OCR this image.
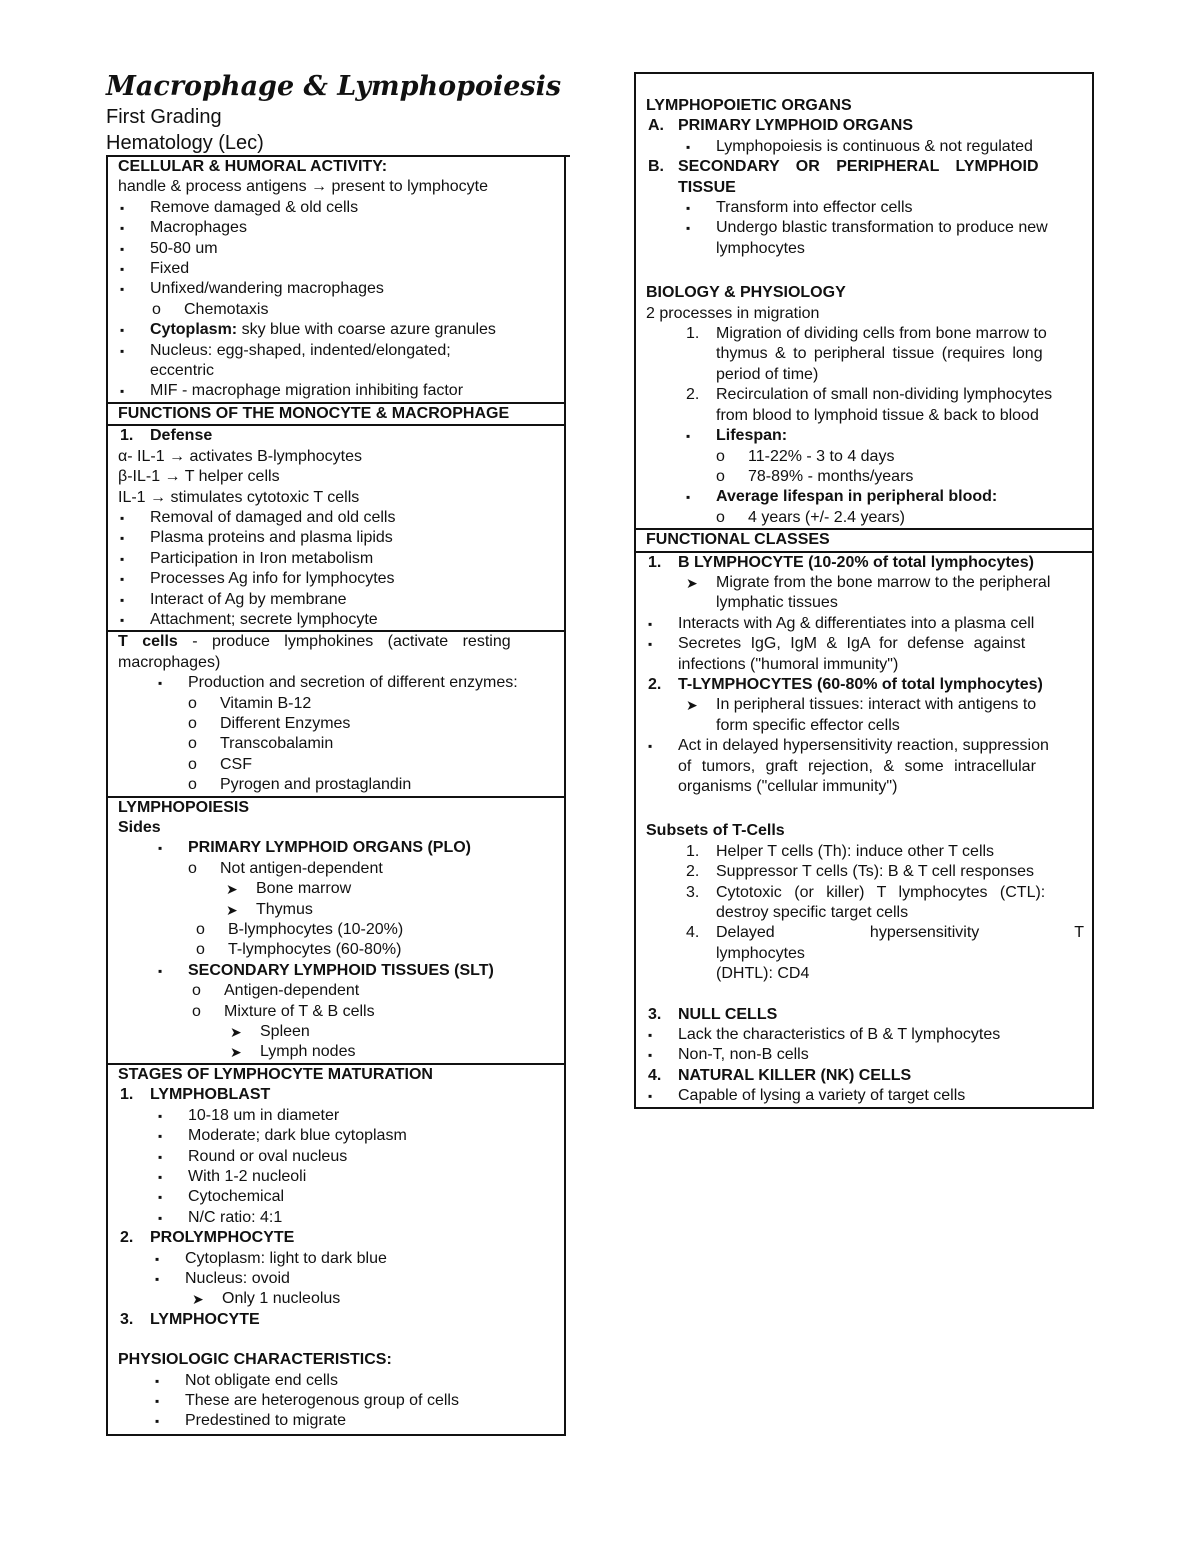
Macrophage & Lymphopoiesis
First Grading
Hematology (Lec)
CELLULAR & HUMORAL ACTIVITY:
handle & process antigens → present to lymphocyte
▪ Remove damaged & old cells
▪ Macrophages
▪ 50-80 um
▪ Fixed
▪ Unfixed/wandering macrophages
o Chemotaxis
▪ Cytoplasm: sky blue with coarse azure granules
▪ Nucleus: egg-shaped, indented/elongated;
eccentric
▪ MIF - macrophage migration inhibiting factor
FUNCTIONS OF THE MONOCYTE & MACROPHAGE
1. Defense
α- IL-1 → activates B-lymphocytes
β-IL-1 → T helper cells
IL-1 → stimulates cytotoxic T cells
▪ Removal of damaged and old cells
▪ Plasma proteins and plasma lipids
▪ Participation in Iron metabolism
▪ Processes Ag info for lymphocytes
▪ Interact of Ag by membrane
▪ Attachment; secrete lymphocyte
T cells - produce lymphokines (activate resting
macrophages)
▪ Production and secretion of different enzymes:
o Vitamin B-12
o Different Enzymes
o Transcobalamin
o CSF
o Pyrogen and prostaglandin
LYMPHOPOIESIS
Sides
▪ PRIMARY LYMPHOID ORGANS (PLO)
o Not antigen-dependent
➤ Bone marrow
➤ Thymus
o B-lymphocytes (10-20%)
o T-lymphocytes (60-80%)
▪ SECONDARY LYMPHOID TISSUES (SLT)
o Antigen-dependent
o Mixture of T & B cells
➤ Spleen
➤ Lymph nodes
STAGES OF LYMPHOCYTE MATURATION
1. LYMPHOBLAST
▪ 10-18 um in diameter
▪ Moderate; dark blue cytoplasm
▪ Round or oval nucleus
▪ With 1-2 nucleoli
▪ Cytochemical
▪ N/C ratio: 4:1
2. PROLYMPHOCYTE
▪ Cytoplasm: light to dark blue
▪ Nucleus: ovoid
➤ Only 1 nucleolus
3. LYMPHOCYTE
PHYSIOLOGIC CHARACTERISTICS:
▪ Not obligate end cells
▪ These are heterogenous group of cells
▪ Predestined to migrate
LYMPHOPOIETIC ORGANS
A. PRIMARY LYMPHOID ORGANS
▪ Lymphopoiesis is continuous & not regulated
B. SECONDARY OR PERIPHERAL LYMPHOID
TISSUE
▪ Transform into effector cells
▪ Undergo blastic transformation to produce new
lymphocytes
BIOLOGY & PHYSIOLOGY
2 processes in migration
1. Migration of dividing cells from bone marrow to
thymus & to peripheral tissue (requires long
period of time)
2. Recirculation of small non-dividing lymphocytes
from blood to lymphoid tissue & back to blood
▪ Lifespan:
o 11-22% - 3 to 4 days
o 78-89% - months/years
▪ Average lifespan in peripheral blood:
o 4 years (+/- 2.4 years)
FUNCTIONAL CLASSES
1. B LYMPHOCYTE (10-20% of total lymphocytes)
➤ Migrate from the bone marrow to the peripheral
lymphatic tissues
▪ Interacts with Ag & differentiates into a plasma cell
▪ Secretes IgG, IgM & IgA for defense against
infections ("humoral immunity")
2. T-LYMPHOCYTES (60-80% of total lymphocytes)
➤ In peripheral tissues: interact with antigens to
form specific effector cells
▪ Act in delayed hypersensitivity reaction, suppression
of tumors, graft rejection, & some intracellular
organisms ("cellular immunity")
Subsets of T-Cells
1. Helper T cells (Th): induce other T cells
2. Suppressor T cells (Ts): B & T cell responses
3. Cytotoxic (or killer) T lymphocytes (CTL):
destroy specific target cells
4. Delayed hypersensitivity T lymphocytes
(DHTL): CD4
3. NULL CELLS
▪ Lack the characteristics of B & T lymphocytes
▪ Non-T, non-B cells
4. NATURAL KILLER (NK) CELLS
▪ Capable of lysing a variety of target cells
